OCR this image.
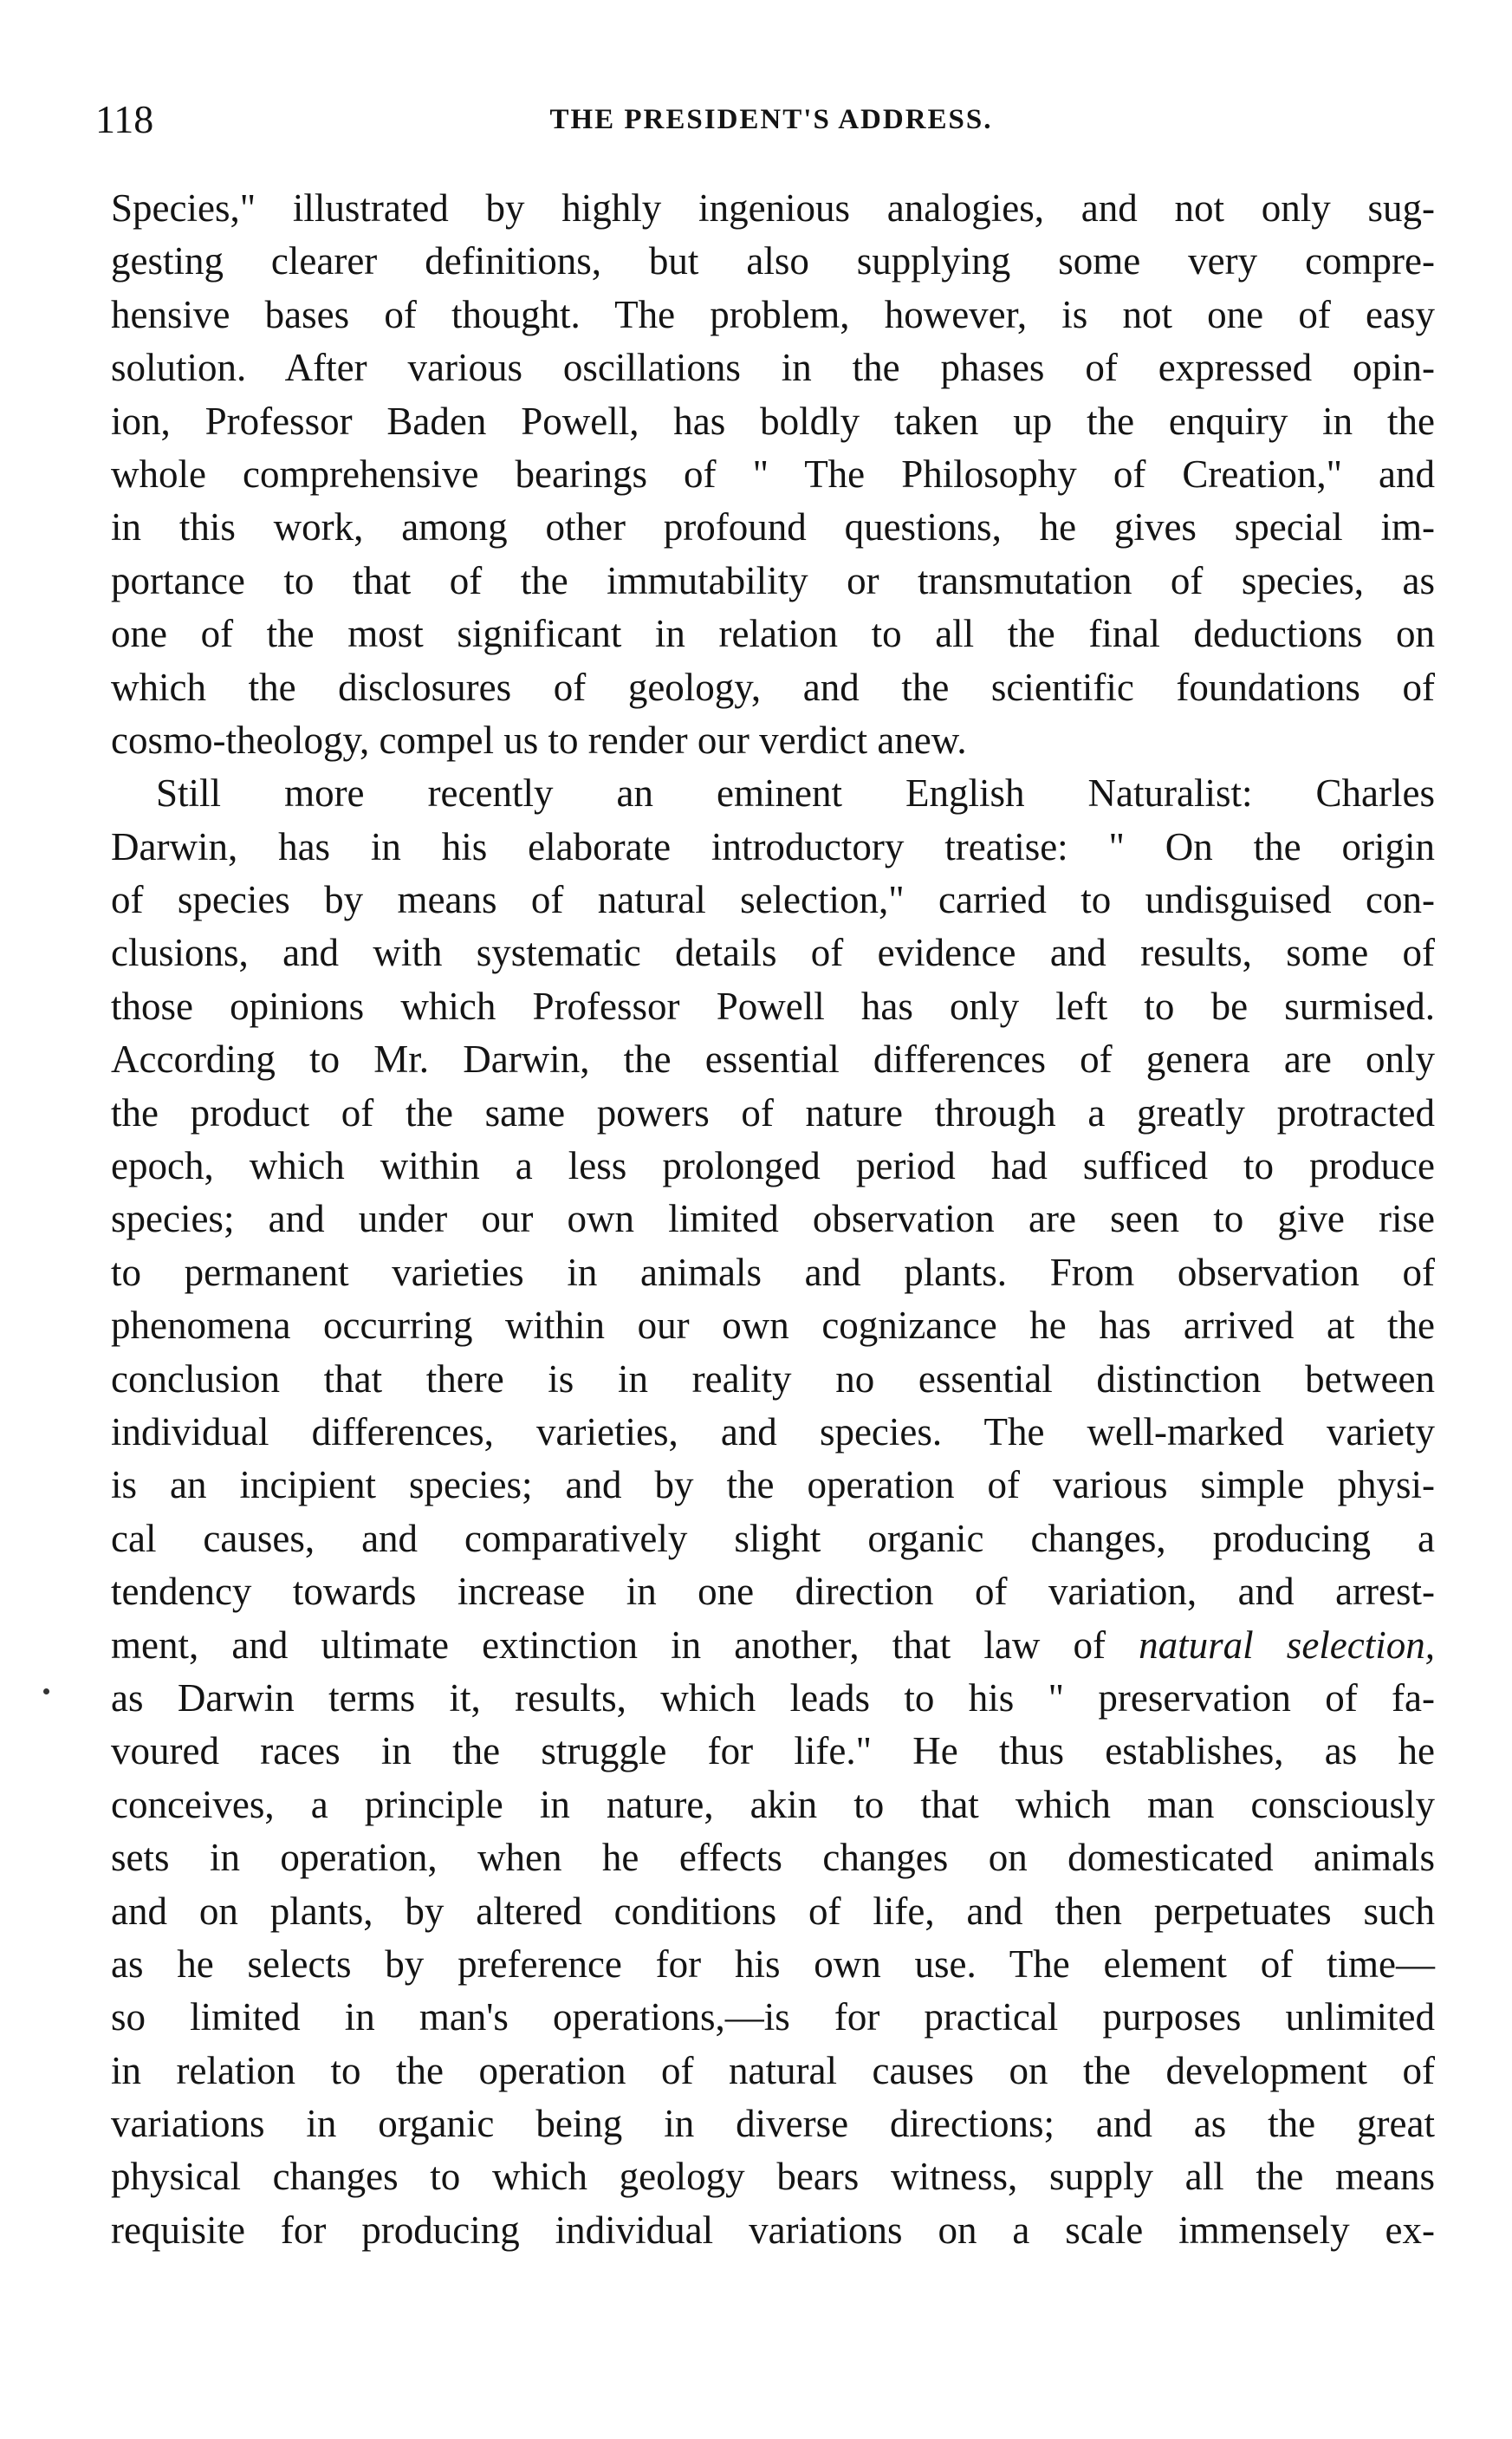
118	THE PRESIDENT'S ADDRESS.
Species," illustrated by highly ingenious analogies, and not only sug-
gesting clearer definitions, but also supplying some very compre-
hensive bases of thought. The problem, however, is not one of easy
solution. After various oscillations in the phases of expressed opin-
ion, Professor Baden Powell, has boldly taken up the enquiry in the
whole comprehensive bearings of " The Philosophy of Creation," and
in this work, among other profound questions, he gives special im-
portance to that of the immutability or transmutation of species, as
one of the most significant in relation to all the final deductions on
which the disclosures of geology, and the scientific foundations of
cosmo-theology, compel us to render our verdict anew.
Still more recently an eminent English Naturalist: Charles
Darwin, has in his elaborate introductory treatise: " On the origin
of species by means of natural selection," carried to undisguised con-
clusions, and with systematic details of evidence and results, some of
those opinions which Professor Powell has only left to be surmised.
According to Mr. Darwin, the essential differences of genera are only
the product of the same powers of nature through a greatly protracted
epoch, which within a less prolonged period had sufficed to produce
species; and under our own limited observation are seen to give rise
to permanent varieties in animals and plants. From observation of
phenomena occurring within our own cognizance he has arrived at the
conclusion that there is in reality no essential distinction between
individual differences, varieties, and species. The well-marked variety
is an incipient species; and by the operation of various simple physi-
cal causes, and comparatively slight organic changes, producing a
tendency towards increase in one direction of variation, and arrest-
ment, and ultimate extinction in another, that law of natural selection,
as Darwin terms it, results, which leads to his " preservation of fa-
voured races in the struggle for life." He thus establishes, as he
conceives, a principle in nature, akin to that which man consciously
sets in operation, when he effects changes on domesticated animals
and on plants, by altered conditions of life, and then perpetuates such
as he selects by preference for his own use. The element of time—
so limited in man's operations,—is for practical purposes unlimited
in relation to the operation of natural causes on the development of
variations in organic being in diverse directions; and as the great
physical changes to which geology bears witness, supply all the means
requisite for producing individual variations on a scale immensely ex-
